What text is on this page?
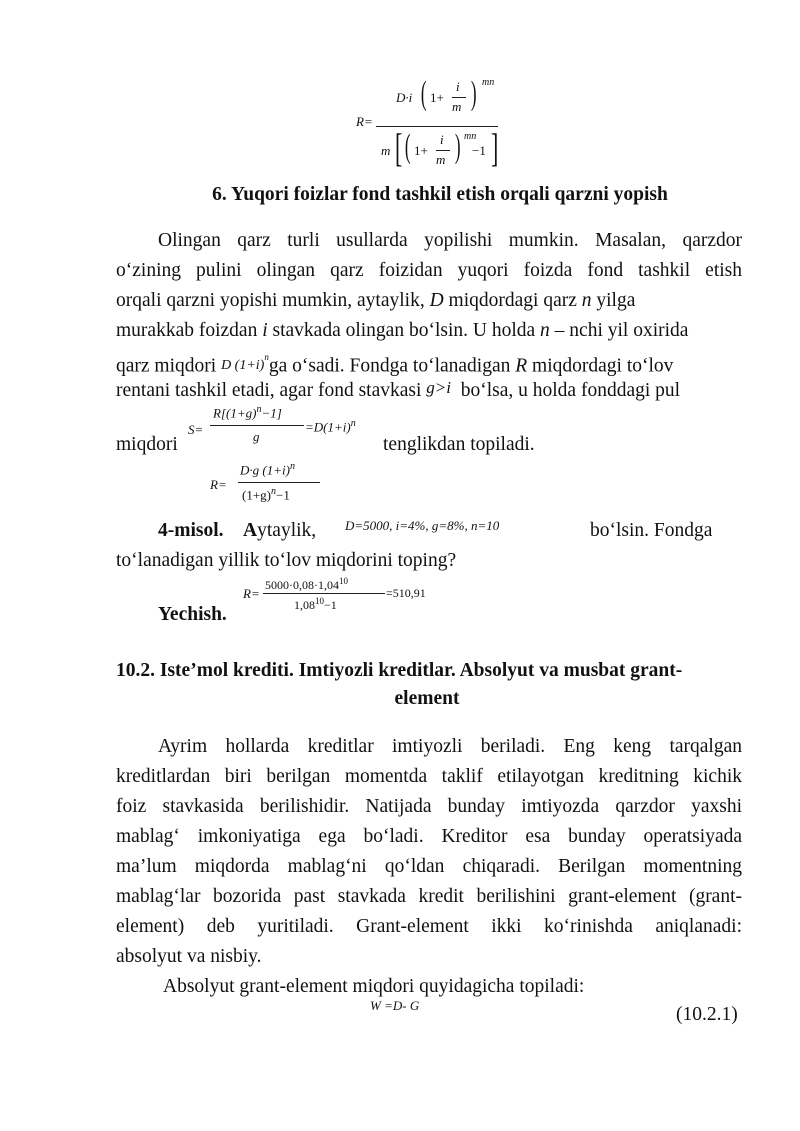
R=
D·i ( 1+
i
m ) mn
m [ ( 1+
i
m ) mn
−1 ]
6. Yuqori foizlar fond tashkil etish orqali qarzni yopish
Olingan qarz turli usullarda yopilishi mumkin. Masalan, qarzdor
o‘zining pulini olingan qarz foizidan yuqori foizda fond tashkil etish
orqali qarzni yopishi mumkin, aytaylik, D miqdordagi qarz n yilga
murakkab foizdan i stavkada olingan bo‘lsin. U holda n – nchi yil oxirida
qarz miqdori D $(1+i)^nga$ o‘sadi. Fondga to‘lanadigan R miqdordagi to‘lov
rentani tashkil etadi, agar fond stavkasi g>i bo‘lsa, u holda fonddagi pul
miqdori
S=
$R[(1+g)^n-1]$
g
$=D(1+i)^n$
tenglikdan topiladi.
R=
D·g $(1+i)^n$
$(1+g)^n-1$
4-misol. Aytaylik, D=5000, i=4%, g=8%, n=10	bo‘lsin. Fondga
to‘lanadigan yillik to‘lov miqdorini toping?
Yechish.
R=
$5000\cdot 0,08\cdot 1,04^{10}$
$1,08^{10}-1$
=510,91
10.2. Iste’mol krediti. Imtiyozli kreditlar. Absolyut va musbat grant-
element
Ayrim hollarda kreditlar imtiyozli beriladi. Eng keng tarqalgan
kreditlardan biri berilgan momentda taklif etilayotgan kreditning kichik
foiz stavkasida berilishidir. Natijada bunday imtiyozda qarzdor yaxshi
mablag‘ imkoniyatiga ega bo‘ladi. Kreditor esa bunday operatsiyada
ma’lum miqdorda mablag‘ni qo‘ldan chiqaradi. Berilgan momentning
mablag‘lar bozorida past stavkada kredit berilishini grant-element (grant-
element) deb yuritiladi. Grant-element ikki ko‘rinishda aniqlanadi:
absolyut va nisbiy.
Absolyut grant-element miqdori quyidagicha topiladi:
W =D- G	(10.2.1)
